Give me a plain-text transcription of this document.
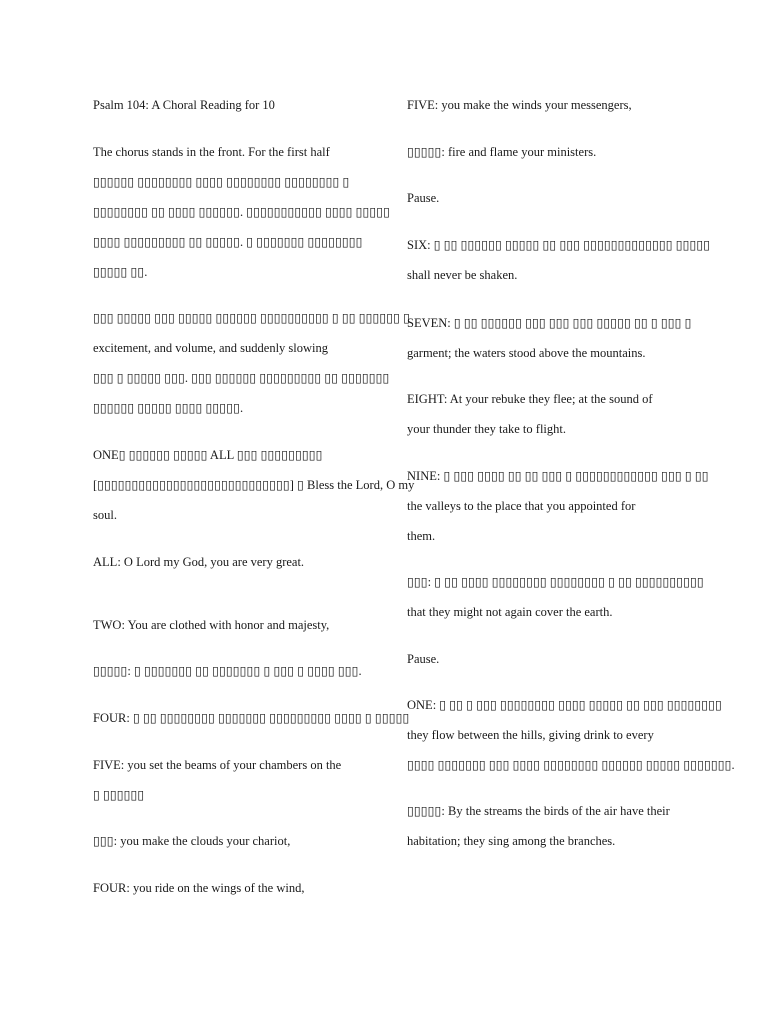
Psalm 104: A Choral Reading for 10
The chorus stands in the front. For the first half
▯▯▯▯▯▯ ▯▯▯▯▯▯▯▯ ▯▯▯▯ ▯▯▯▯▯▯▯▯ ▯▯▯▯▯▯▯▯ ▯
▯▯▯▯▯▯▯▯ ▯▯ ▯▯▯▯ ▯▯▯▯▯▯. ▯▯▯▯▯▯▯▯▯▯▯ ▯▯▯▯ ▯▯▯▯▯
▯▯▯▯ ▯▯▯▯▯▯▯▯▯ ▯▯ ▯▯▯▯▯. ▯ ▯▯▯▯▯▯▯ ▯▯▯▯▯▯▯▯
▯▯▯▯▯ ▯▯.
▯▯▯ ▯▯▯▯▯ ▯▯▯ ▯▯▯▯▯ ▯▯▯▯▯▯ ▯▯▯▯▯▯▯▯▯▯ ▯ ▯▯ ▯▯▯▯▯▯ ▯
excitement, and volume, and suddenly slowing
▯▯▯ ▯ ▯▯▯▯▯ ▯▯▯. ▯▯▯ ▯▯▯▯▯▯ ▯▯▯▯▯▯▯▯▯ ▯▯ ▯▯▯▯▯▯▯
▯▯▯▯▯▯ ▯▯▯▯▯ ▯▯▯▯ ▯▯▯▯▯.
ONE▯ ▯▯▯▯▯▯ ▯▯▯▯▯ ALL ▯▯▯ ▯▯▯▯▯▯▯▯▯
[▯▯▯▯▯▯▯▯▯▯▯▯▯▯▯▯▯▯▯▯▯▯▯▯▯▯▯▯] ▯ Bless the Lord, O my
soul.
ALL: O Lord my God, you are very great.
TWO: You are clothed with honor and majesty,
▯▯▯▯▯: ▯ ▯▯▯▯▯▯▯ ▯▯ ▯▯▯▯▯▯▯ ▯ ▯▯▯ ▯ ▯▯▯▯ ▯▯▯.
FOUR: ▯ ▯▯ ▯▯▯▯▯▯▯▯ ▯▯▯▯▯▯▯ ▯▯▯▯▯▯▯▯▯ ▯▯▯▯ ▯ ▯▯▯▯▯
FIVE: you set the beams of your chambers on the
▯ ▯▯▯▯▯▯
▯▯▯: you make the clouds your chariot,
FOUR: you ride on the wings of the wind,
FIVE: you make the winds your messengers,
▯▯▯▯▯: fire and flame your ministers.
Pause.
SIX: ▯ ▯▯ ▯▯▯▯▯▯ ▯▯▯▯▯ ▯▯ ▯▯▯ ▯▯▯▯▯▯▯▯▯▯▯▯▯ ▯▯▯▯▯
shall never be shaken.
SEVEN: ▯ ▯▯ ▯▯▯▯▯▯ ▯▯▯ ▯▯▯ ▯▯▯ ▯▯▯▯▯ ▯▯ ▯ ▯▯▯ ▯
garment; the waters stood above the mountains.
EIGHT: At your rebuke they flee; at the sound of
your thunder they take to flight.
NINE: ▯ ▯▯▯ ▯▯▯▯ ▯▯ ▯▯ ▯▯▯ ▯ ▯▯▯▯▯▯▯▯▯▯▯▯ ▯▯▯ ▯ ▯▯
the valleys to the place that you appointed for
them.
▯▯▯: ▯ ▯▯ ▯▯▯▯ ▯▯▯▯▯▯▯▯ ▯▯▯▯▯▯▯▯ ▯ ▯▯ ▯▯▯▯▯▯▯▯▯▯
that they might not again cover the earth.
Pause.
ONE: ▯ ▯▯ ▯ ▯▯▯ ▯▯▯▯▯▯▯▯ ▯▯▯▯ ▯▯▯▯▯ ▯▯ ▯▯▯ ▯▯▯▯▯▯▯▯
they flow between the hills, giving drink to every
▯▯▯▯ ▯▯▯▯▯▯▯ ▯▯▯ ▯▯▯▯ ▯▯▯▯▯▯▯▯ ▯▯▯▯▯▯ ▯▯▯▯▯ ▯▯▯▯▯▯▯.
▯▯▯▯▯: By the streams the birds of the air have their
habitation; they sing among the branches.
